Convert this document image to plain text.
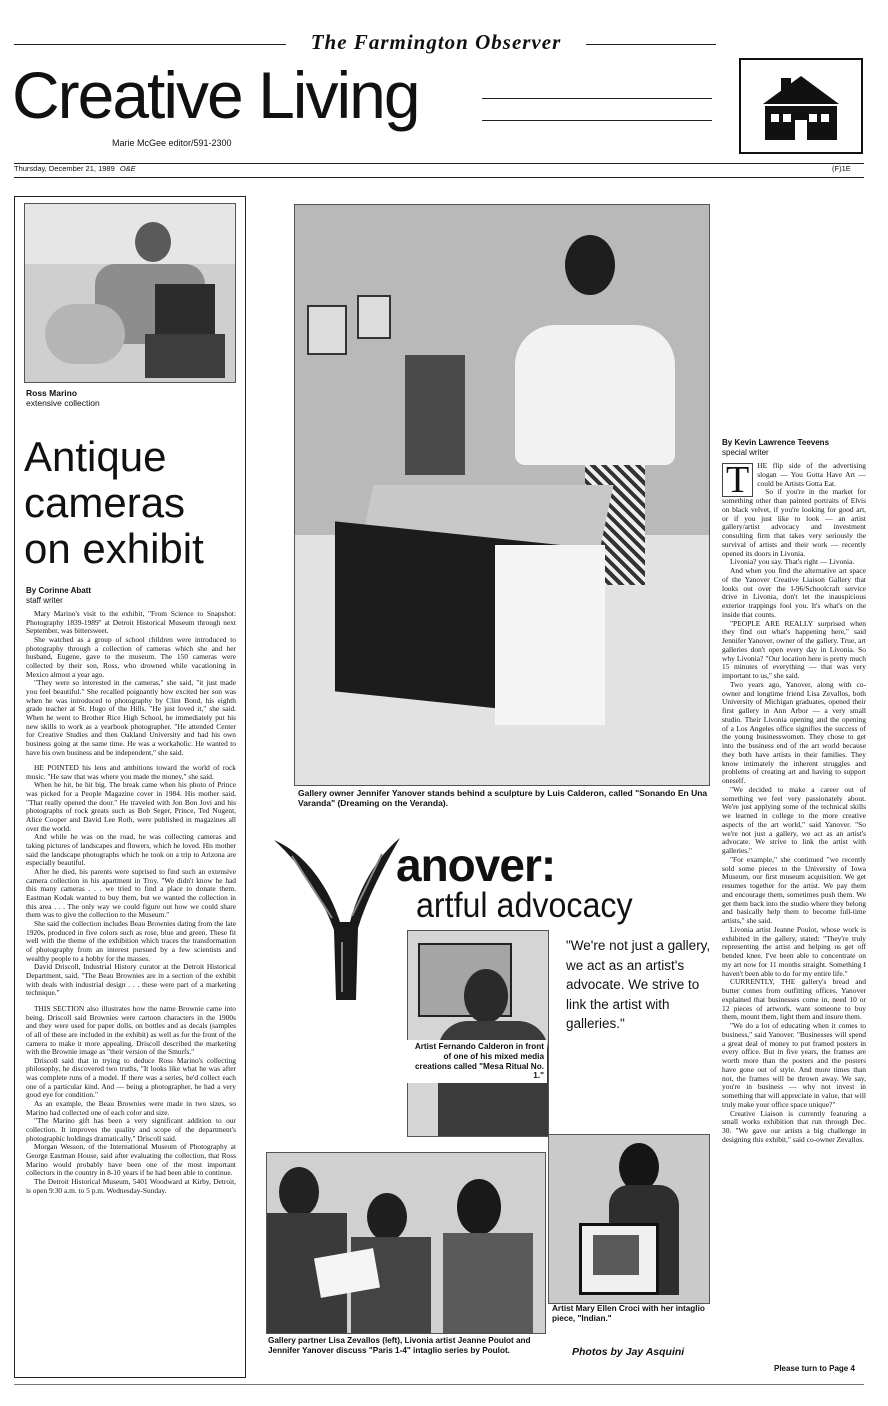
The Farmington Observer
Creative Living
Marie McGee editor/591-2300
Thursday, December 21, 1989 O&E	(F)1E
Ross Marino
extensive collection
Antique
cameras
on exhibit
By Corinne Abatt
staff writer

Mary Marino's visit to the exhibit, "From Science to Snapshot: Photography 1839-1989" at Detroit Historical Museum through next September, was bittersweet.

She watched as a group of school children were introduced to photography through a collection of cameras which she and her husband, Eugene, gave to the museum. The 150 cameras were collected by their son, Ross, who drowned while vacationing in Mexico almost a year ago.

"They were so interested in the cameras," she said, "it just made you feel beautiful." She recalled poignantly how excited her son was when he was introduced to photography by Clint Bond, his eighth grade teacher at St. Hugo of the Hills. "He just loved it," she said. When he went to Brother Rice High School, he immediately put his new skills to work as a yearbook photographer. "He attended Center for Creative Studies and then Oakland University and had his own business going at the same time. He was a workaholic. He wanted to have his own business and be independent," she said.

HE POINTED his lens and ambitions toward the world of rock music. "He saw that was where you made the money," she said.

When he hit, he hit big. The break came when his photo of Prince was picked for a People Magazine cover in 1984. His mother said, "That really opened the door." He traveled with Jon Bon Jovi and his photographs of rock greats such as Bob Seger, Prince, Ted Nugent, Alice Cooper and David Lee Roth, were published in magazines all over the world.

And while he was on the road, he was collecting cameras and taking pictures of landscapes and flowers, which he loved. His mother said the landscape photographs which he took on a trip to Arizona are especially beautiful.

After he died, his parents were suprised to find such an extensive camera collection in his apartment in Troy. "We didn't know he had this many cameras . . . we tried to find a place to donate them. Eastman Kodak wanted to buy them, but we wanted the collection in this area . . . The only way we could figure out how we could share them was to give the collection to the Museum."

She said the collection includes Beau Brownies dating from the late 1920s, produced in five colors such as rose, blue and green. These fit well with the theme of the exhibition which traces the transformation of photography from an interest pursued by a few scientists and wealthy people to a hobby for the masses.

David Driscoll, Industrial History curator at the Detroit Historical Department, said, "The Beau Brownies are in a section of the exhibit with deals with industrial design . . . these were part of a marketing technique."

THIS SECTION also illustrates how the name Brownie came into being. Driscoll said Brownies were cartoon characters in the 1900s and they were used for paper dolls, on bottles and as decals (samples of all of these are included in the exhibit) as well as for the front of the camera to make it more appealing. Driscoll described the marketing with the Brownie image as "their version of the Smurfs."

Driscoll said that in trying to deduce Ross Marino's collecting philosophy, he discovered two truths, "It looks like what he was after was complete runs of a model. If there was a series, he'd collect each one of a particular kind. And — being a photographer, he had a very good eye for condition."

As an example, the Beau Brownies were made in two sizes, so Marino had collected one of each color and size.

"The Marino gift has been a very significant addition to our collection. It improves the quality and scope of the department's photographic holdings dramatically," Driscoll said.

Morgan Wesson, of the International Museum of Photography at George Eastman House, said after evaluating the collection, that Ross Marino would probably have been one of the most important collectors in the country in 8-10 years if he had been able to continue.

The Detroit Historical Museum, 5401 Woodward at Kirby, Detroit, is open 9:30 a.m. to 5 p.m. Wednesday-Sunday.

Gallery owner Jennifer Yanover stands behind a sculpture by Luis Calderon, called "Sonando En Una Varanda" (Dreaming on the Veranda).
anover:
artful advocacy
Artist Fernando Calderon in front of one of his mixed media creations called "Mesa Ritual No. 1."
"We're not just a gallery, we act as an artist's advocate. We strive to link the artist with galleries."
Artist Mary Ellen Croci with her intaglio piece, "Indian."
Gallery partner Lisa Zevallos (left), Livonia artist Jeanne Poulot and Jennifer Yanover discuss "Paris 1-4" intaglio series by Poulot.	Photos by Jay Asquini
By Kevin Lawrence Teevens
special writer
T	HE flip side of the advertising slogan — You Gotta Have Art — could be Artists Gotta Eat.

So if you're in the market for something other than painted portraits of Elvis on black velvet, if you're looking for good art, or if you just like to look — an artist gallery/artist advocacy and investment consulting firm that takes very seriously the survival of artists and their work — recently opened its doors in Livonia.

Livonia? you say. That's right — Livonia.

And when you find the alternative art space of the Yanover Creative Liaison Gallery that looks out over the I-96/Schoolcraft service drive in Livonia, don't let the inauspicious exterior trappings fool you. It's what's on the inside that counts.

"PEOPLE ARE REALLY surprised when they find out what's happening here," said Jennifer Yanover, owner of the gallery. True, art galleries don't open every day in Livonia. So why Livonia? "Our location here is pretty much 15 minutes of everything — that was very important to us," she said.

Two years ago, Yanover, along with co-owner and longtime friend Lisa Zevallos, both University of Michigan graduates, opened their first gallery in Ann Arbor — a very small studio. Their Livonia opening and the opening of a Los Angeles office signifies the success of the young businesswomen. They chose to get into the business end of the art world because they both have artists in their families. They know intimately the inherent struggles and problems of creating art and having to support oneself.

"We decided to make a career out of something we feel very passionately about. We're just applying some of the technical skills we learned in college to the more creative aspects of the art world," said Yanover. "So we're not just a gallery, we act as an artist's advocate. We strive to link the artist with galleries."

"For example," she continued "we recently sold some pieces to the University of Iowa Museum, our first museum acquisition. We get resumes together for the artist. We pay them and encourage them, sometimes push them. We get them back into the studio where they belong and basically help them to become full-time artists," she said.

Livonia artist Jeanne Poulot, whose work is exhibited in the gallery, stated: "They're truly representing the artist and helping us get off bended knee. I've been able to concentrate on my art now for 11 months straight. Something I haven't been able to do for my entire life."

CURRENTLY, THE gallery's bread and butter comes from outfitting offices. Yanover explained that businesses come in, need 10 or 12 pieces of artwork, want someone to buy them, mount them, light them and insure them.

"We do a lot of educating when it comes to business," said Yanover. "Businesses will spend a great deal of money to put framed posters in every office. But in five years, the frames are worth more than the posters and the posters have gone out of style. And more times than not, the frames will be thrown away. We say, you're in business — why not invest in something that will appreciate in value, that will truly make your office space unique?"

Creative Liaison is currently featuring a small works exhibition that run through Dec. 30. "We gave our artists a big challenge in designing this exhibit," said co-owner Zevallos.

Please turn to Page 4
